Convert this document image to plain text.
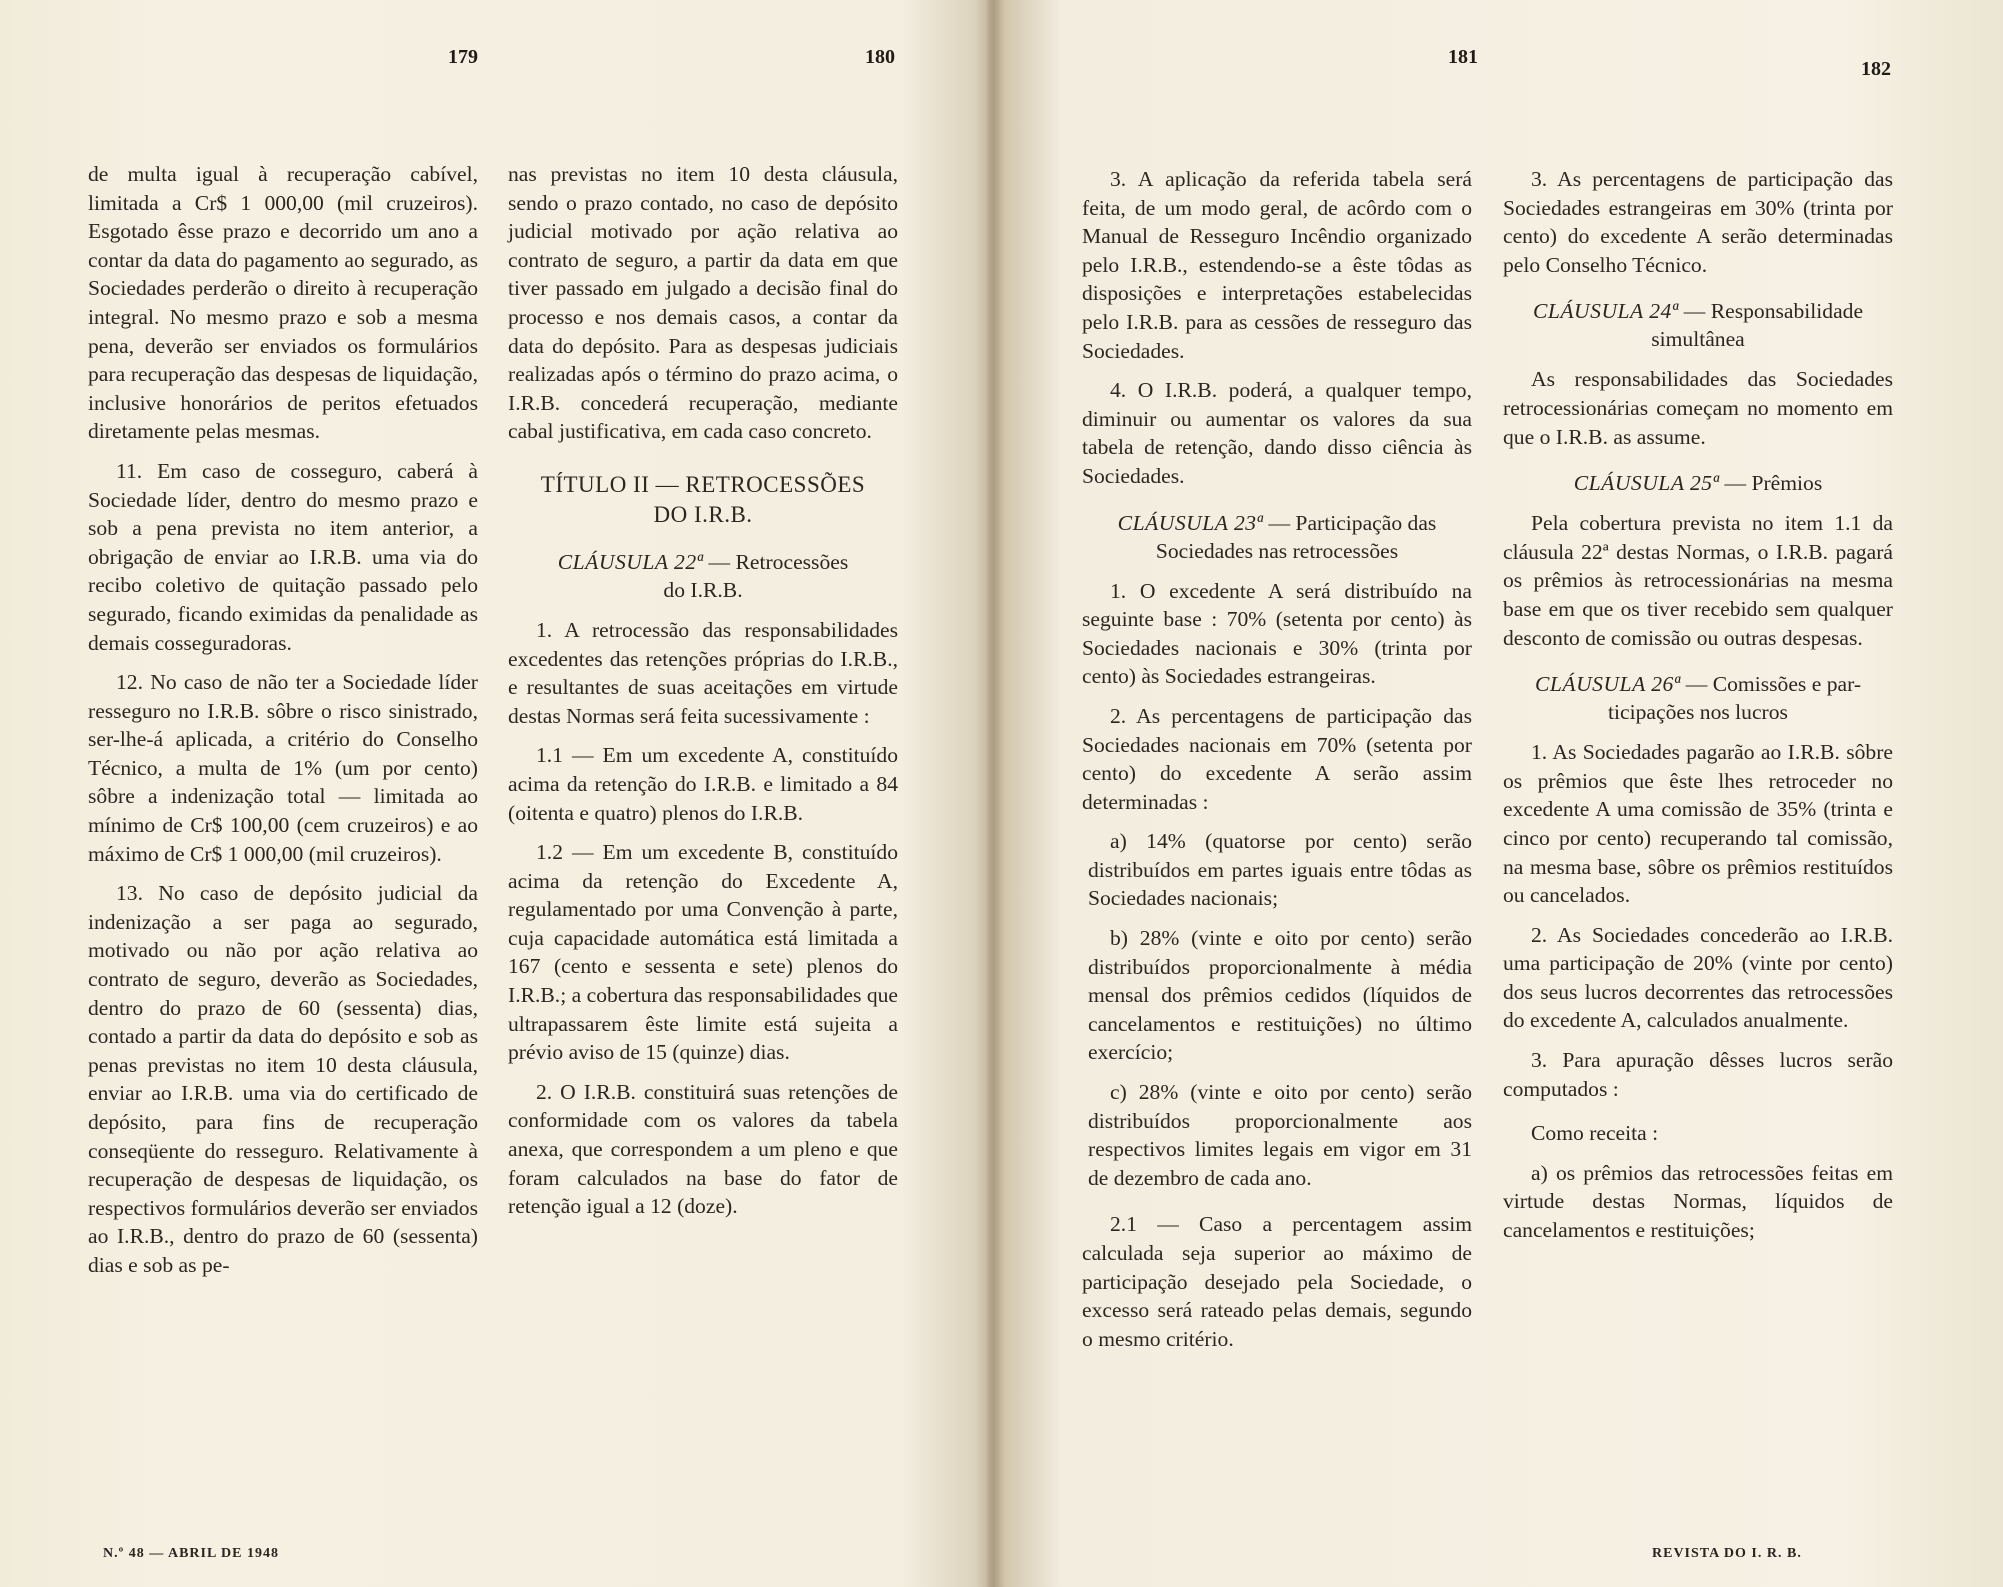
179

de multa igual à recuperação cabível, limitada a Cr$ 1 000,00 (mil cruzeiros). Esgotado êsse prazo e decorrido um ano a contar da data do pagamento ao segurado, as Sociedades perderão o direito à recuperação integral. No mesmo prazo e sob a mesma pena, deverão ser enviados os formulários para recuperação das despesas de liquidação, inclusive honorários de peritos efetuados diretamente pelas mesmas.

11. Em caso de cosseguro, caberá à Sociedade líder, dentro do mesmo prazo e sob a pena prevista no item anterior, a obrigação de enviar ao I.R.B. uma via do recibo coletivo de quitação passado pelo segurado, ficando eximidas da penalidade as demais cosseguradoras.

12. No caso de não ter a Sociedade líder resseguro no I.R.B. sôbre o risco sinistrado, ser-lhe-á aplicada, a critério do Conselho Técnico, a multa de 1% (um por cento) sôbre a indenização total — limitada ao mínimo de Cr$ 100,00 (cem cruzeiros) e ao máximo de Cr$ 1 000,00 (mil cruzeiros).

13. No caso de depósito judicial da indenização a ser paga ao segurado, motivado ou não por ação relativa ao contrato de seguro, deverão as Sociedades, dentro do prazo de 60 (sessenta) dias, contado a partir da data do depósito e sob as penas previstas no item 10 desta cláusula, enviar ao I.R.B. uma via do certificado de depósito, para fins de recuperação conseqüente do resseguro. Relativamente à recuperação de despesas de liquidação, os respectivos formulários deverão ser enviados ao I.R.B., dentro do prazo de 60 (sessenta) dias e sob as pe-

180

nas previstas no item 10 desta cláusula, sendo o prazo contado, no caso de depósito judicial motivado por ação relativa ao contrato de seguro, a partir da data em que tiver passado em julgado a decisão final do processo e nos demais casos, a contar da data do depósito. Para as despesas judiciais realizadas após o término do prazo acima, o I.R.B. concederá recuperação, mediante cabal justificativa, em cada caso concreto.

TÍTULO II — RETROCESSÕES
DO I.R.B.
CLÁUSULA 22ª — Retrocessões
do I.R.B.

1. A retrocessão das responsabilidades excedentes das retenções próprias do I.R.B., e resultantes de suas aceitações em virtude destas Normas será feita sucessivamente :

1.1 — Em um excedente A, constituído acima da retenção do I.R.B. e limitado a 84 (oitenta e quatro) plenos do I.R.B.

1.2 — Em um excedente B, constituído acima da retenção do Excedente A, regulamentado por uma Convenção à parte, cuja capacidade automática está limitada a 167 (cento e sessenta e sete) plenos do I.R.B.; a cobertura das responsabilidades que ultrapassarem êste limite está sujeita a prévio aviso de 15 (quinze) dias.

2. O I.R.B. constituirá suas retenções de conformidade com os valores da tabela anexa, que correspondem a um pleno e que foram calculados na base do fator de retenção igual a 12 (doze).

181

3. A aplicação da referida tabela será feita, de um modo geral, de acôrdo com o Manual de Resseguro Incêndio organizado pelo I.R.B., estendendo-se a êste tôdas as disposições e interpretações estabelecidas pelo I.R.B. para as cessões de resseguro das Sociedades.

4. O I.R.B. poderá, a qualquer tempo, diminuir ou aumentar os valores da sua tabela de retenção, dando disso ciência às Sociedades.

CLÁUSULA 23ª — Participação das
Sociedades nas retrocessões

1. O excedente A será distribuído na seguinte base : 70% (setenta por cento) às Sociedades nacionais e 30% (trinta por cento) às Sociedades estrangeiras.

2. As percentagens de participação das Sociedades nacionais em 70% (setenta por cento) do excedente A serão assim determinadas :

a) 14% (quatorse por cento) serão distribuídos em partes iguais entre tôdas as Sociedades nacionais;

b) 28% (vinte e oito por cento) serão distribuídos proporcionalmente à média mensal dos prêmios cedidos (líquidos de cancelamentos e restituições) no último exercício;

c) 28% (vinte e oito por cento) serão distribuídos proporcionalmente aos respectivos limites legais em vigor em 31 de dezembro de cada ano.

2.1 — Caso a percentagem assim calculada seja superior ao máximo de participação desejado pela Sociedade, o excesso será rateado pelas demais, segundo o mesmo critério.

182

3. As percentagens de participação das Sociedades estrangeiras em 30% (trinta por cento) do excedente A serão determinadas pelo Conselho Técnico.

CLÁUSULA 24ª — Responsabilidade
simultânea

As responsabilidades das Sociedades retrocessionárias começam no momento em que o I.R.B. as assume.

CLÁUSULA 25ª — Prêmios

Pela cobertura prevista no item 1.1 da cláusula 22ª destas Normas, o I.R.B. pagará os prêmios às retrocessionárias na mesma base em que os tiver recebido sem qualquer desconto de comissão ou outras despesas.

CLÁUSULA 26ª — Comissões e par-
ticipações nos lucros

1. As Sociedades pagarão ao I.R.B. sôbre os prêmios que êste lhes retroceder no excedente A uma comissão de 35% (trinta e cinco por cento) recuperando tal comissão, na mesma base, sôbre os prêmios restituídos ou cancelados.

2. As Sociedades concederão ao I.R.B. uma participação de 20% (vinte por cento) dos seus lucros decorrentes das retrocessões do excedente A, calculados anualmente.

3. Para apuração dêsses lucros serão computados :

Como receita :

a) os prêmios das retrocessões feitas em virtude destas Normas, líquidos de cancelamentos e restituições;

N.º 48 — ABRIL DE 1948	REVISTA DO I. R. B.
